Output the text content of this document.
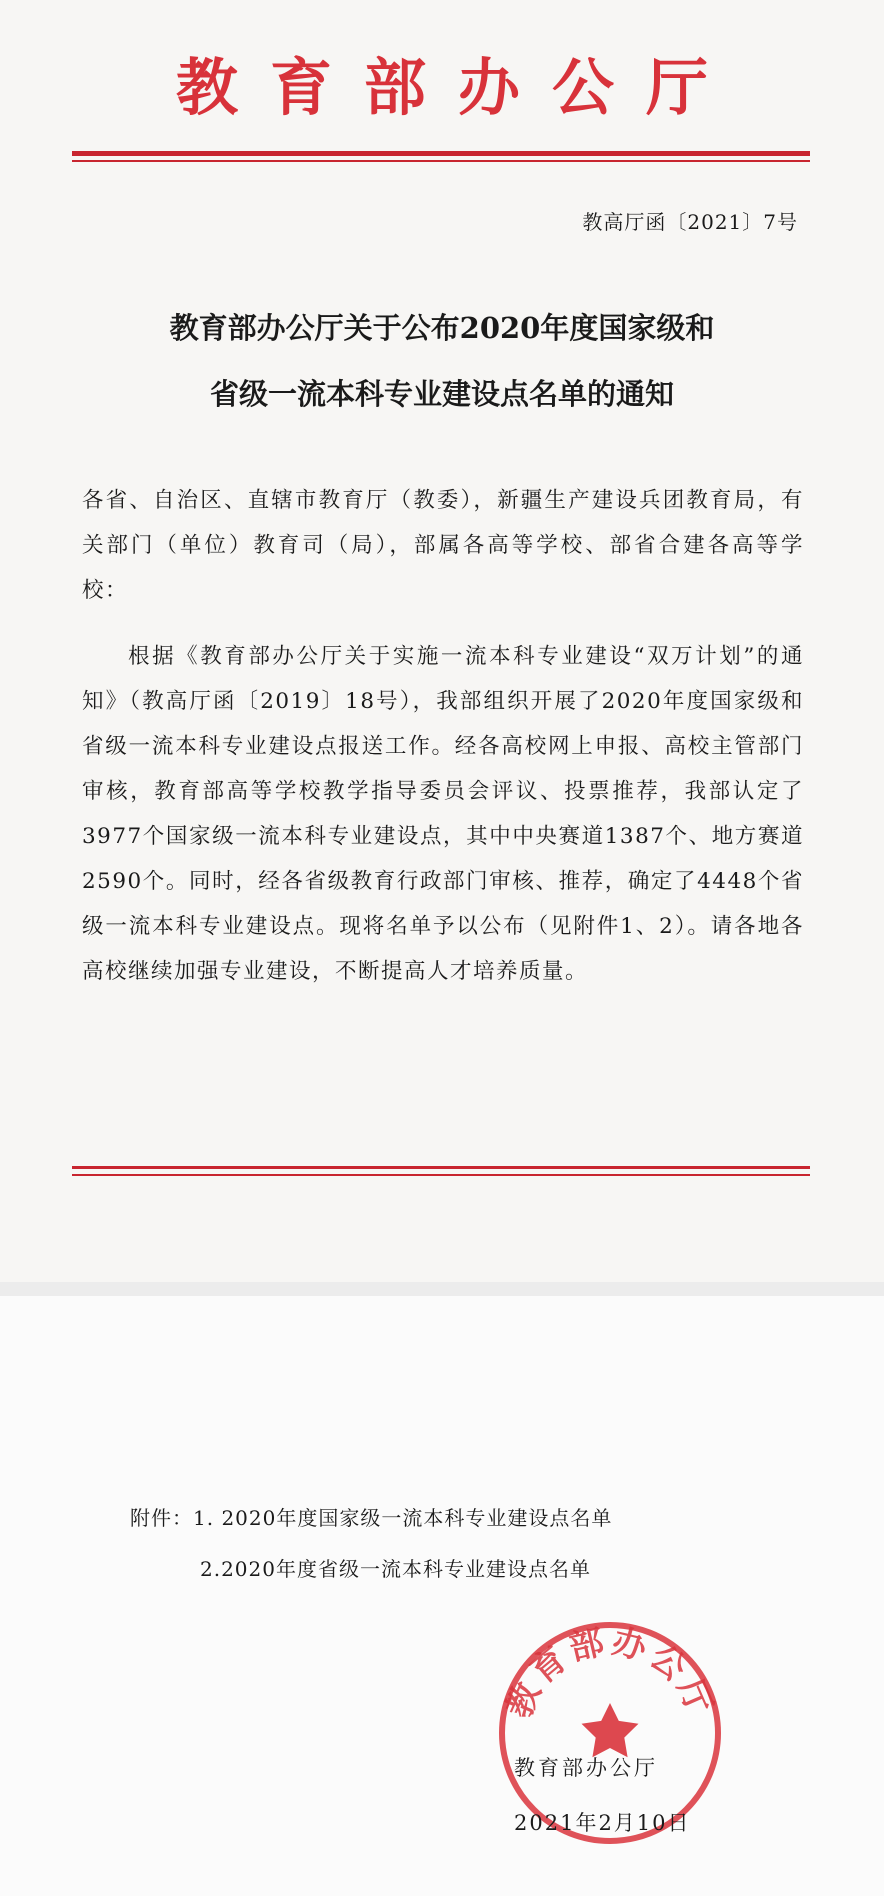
教育部办公厅
教高厅函〔2021〕7号
教育部办公厅关于公布2020年度国家级和
省级一流本科专业建设点名单的通知
各省、自治区、直辖市教育厅（教委），新疆生产建设兵团教育局，有关部门（单位）教育司（局），部属各高等学校、部省合建各高等学校：
根据《教育部办公厅关于实施一流本科专业建设“双万计划”的通知》（教高厅函〔2019〕18号），我部组织开展了2020年度国家级和省级一流本科专业建设点报送工作。经各高校网上申报、高校主管部门审核，教育部高等学校教学指导委员会评议、投票推荐，我部认定了3977个国家级一流本科专业建设点，其中中央赛道1387个、地方赛道2590个。同时，经各省级教育行政部门审核、推荐，确定了4448个省级一流本科专业建设点。现将名单予以公布（见附件1、2）。请各地各高校继续加强专业建设，不断提高人才培养质量。
附件：1. 2020年度国家级一流本科专业建设点名单
2.2020年度省级一流本科专业建设点名单
教育部办公厅
教育部办公厅
2021年2月10日
